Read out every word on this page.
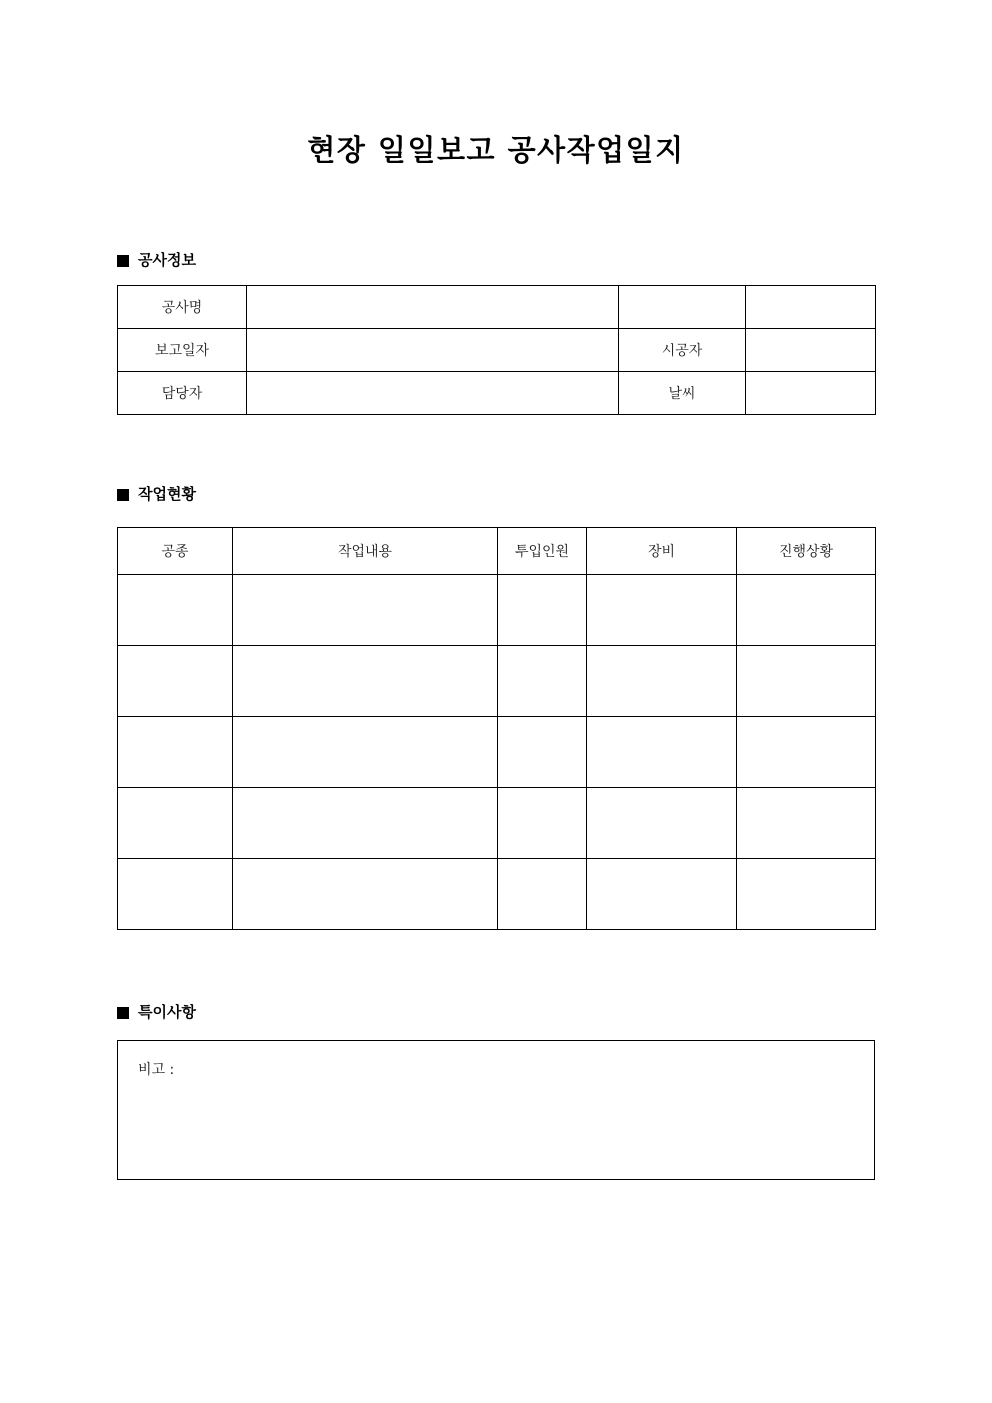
현장 일일보고 공사작업일지
공사정보
공사명			
보고일자		시공자	
담당자		날씨	
작업현황
공종	작업내용	투입인원	장비	진행상황

특이사항
비고 :
